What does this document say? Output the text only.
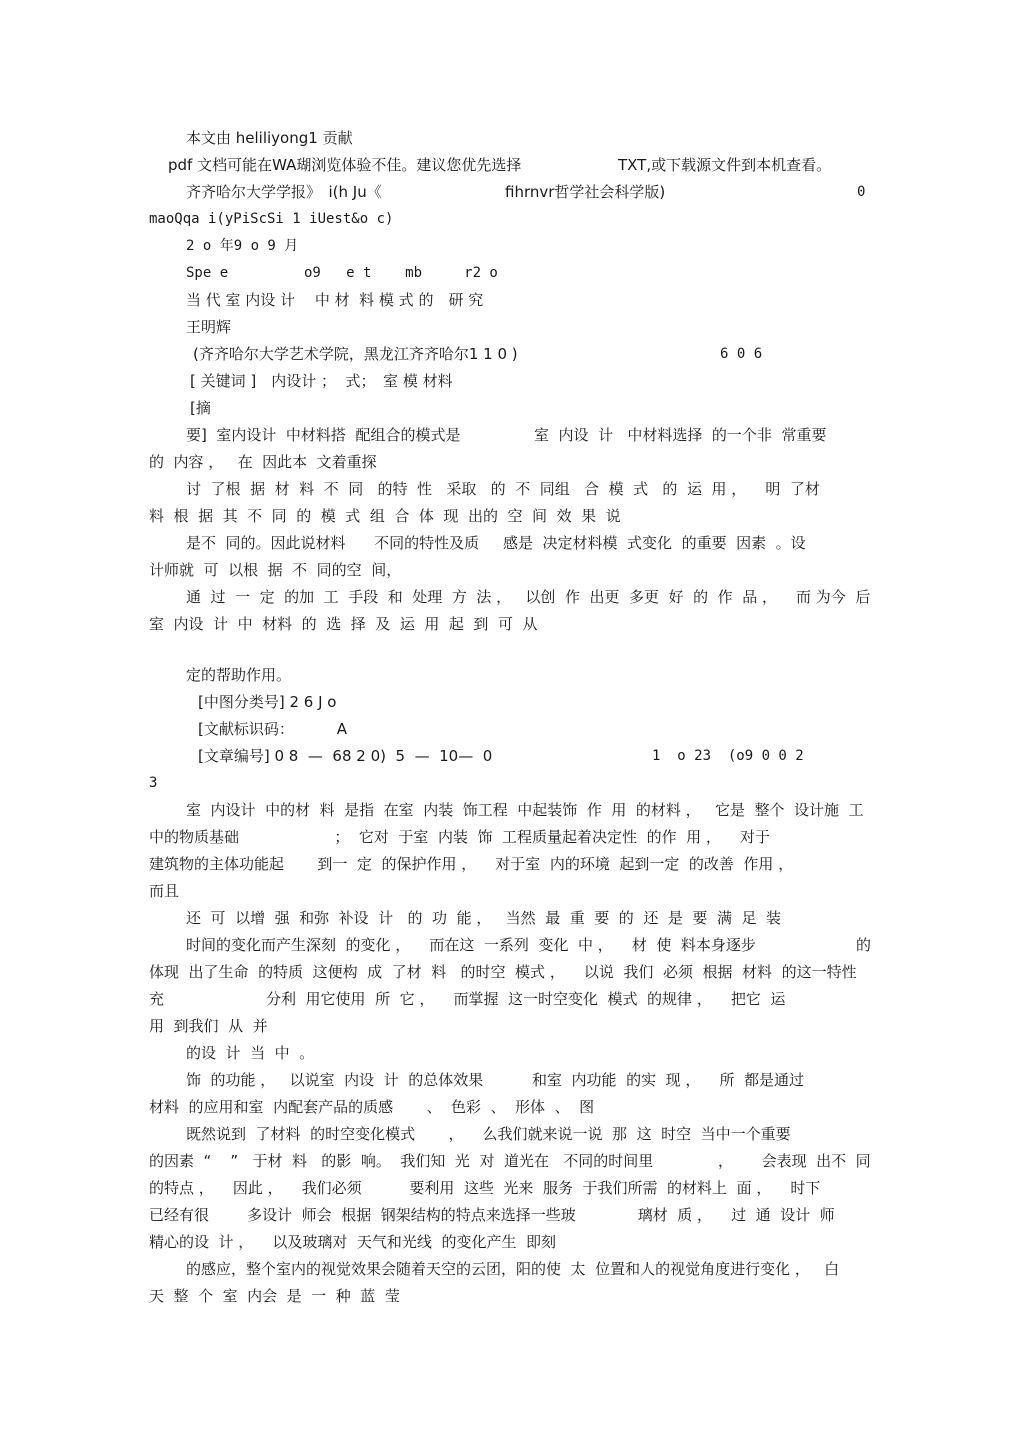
本文由 heliliyong1 贡献
pdf 文档可能在WA瑚浏览体验不佳。建议您优先选择	TXT,或下载源文件到本机查看。
齐齐哈尔大学学报》　i(h Ju《	fihrnvr哲学社会科学版)	0
maoQqa i(yPiScSi 1 iUest&o c)
2 o 年9 o 9 月
Spe e         o9   e t    mb     r2 o
当 代 室 内设 计　 中 材  料 模 式 的　研 究
王明辉
(齐齐哈尔大学艺术学院，黑龙江齐齐哈尔1 1 0 )	6 0 6
[ 关键词 ]　内设计 ；  式；　室 模 材料
[摘
要]  室内设计  中材料搭  配组合的模式是	室  内设  计   中材料选择  的一个非  常重要
的  内容 ，   在  因此本  文着重探
讨  了根  据  材  料  不  同   的特  性   采取   的  不  同组   合  模  式   的  运  用 ，    明  了材
料  根  据  其  不  同  的  模  式  组  合  体  现  出的  空  间  效  果  说
是不  同的。因此说材料      不同的特性及质     感是  决定材料模  式变化  的重要  因素  。设
计师就  可  以根  据  不  同的空  间，
通  过  一  定  的加  工  手段  和  处理  方  法 ，   以创  作  出更  多更  好  的  作  品 ，    而 为今  后
室  内设  计  中  材料  的  选  择  及  运  用  起  到  可  从
定的帮助作用。
[中图分类号] 2 6 J o
[文献标识码：         A
[文章编号] 0 8  —  68 2 0)  5  —  10—  0	1  o 23  (o9 0 0 2
3
室  内设计  中的材  料  是指  在室  内装  饰工程  中起装饰  作  用  的材料 ，   它是  整个  设计施  工
中的物质基础                    ；  它对  于室  内装  饰  工程质量起着决定性  的作  用 ，    对于
建筑物的主体功能起       到一  定  的保护作用 ，    对于室  内的环境  起到一定  的改善  作用 ，
而且
还  可  以增  强  和弥  补设  计   的  功  能 ，   当然  最  重  要  的  还  是  要  满  足  装
时间的变化而产生深刻  的变化 ，    而在这  一系列  变化  中 ，    材  使  料本身逐步	的
体现  出了生命  的特质  这便构  成  了材  料   的时空  模式 ，    以说  我们  必须  根据  材料  的这一特性
充	分利  用它使用  所  它 ，    而掌握  这一时空变化  模式  的规律 ，    把它  运
用  到我们  从  并
的设  计  当  中  。
饰  的功能 ，   以说室  内设  计  的总体效果	和室  内功能  的实  现 ，    所  都是通过
材料  的应用和室  内配套产品的质感       、  色彩  、  形体  、  图
既然说到  了材料  的时空变化模式       ，    么我们就来说一说  那  这  时空  当中一个重要
的因素  “    ”   于材  料   的影  响。  我们知  光  对  道光在   不同的时间里	，      会表现  出不  同
的特点 ，    因此 ，    我们必须          要利用  这些  光来  服务  于我们所需  的材料上  面 ，    时下
已经有很        多设计  师会  根据  钢架结构的特点来选择一些玻             璃材  质 ，    过  通  设计  师
精心的设  计 ，    以及玻璃对  天气和光线  的变化产生  即刻
的感应，整个室内的视觉效果会随着天空的云团，阳的使  太  位置和人的视觉角度进行变化 ，   白
天  整  个  室  内会  是  一  种  蓝  莹
